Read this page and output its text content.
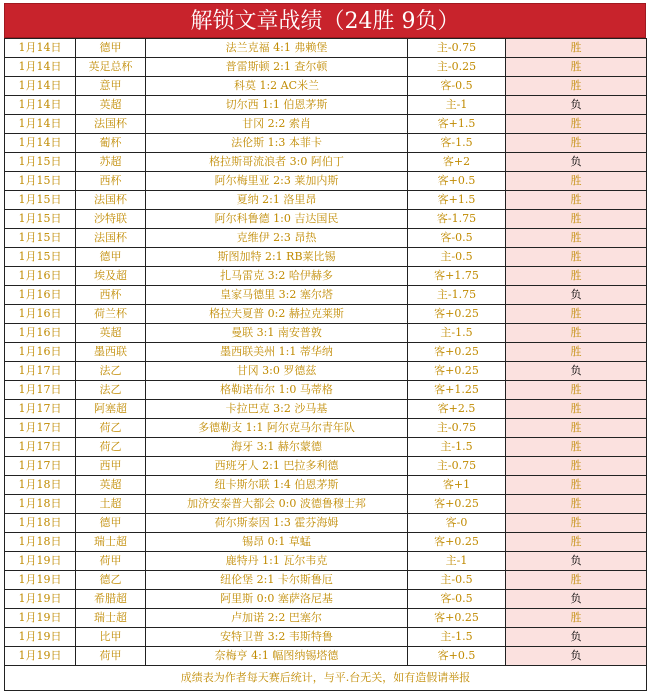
解锁文章战绩（24胜 9负）
1月14日	德甲	法兰克福 4:1 弗赖堡	主-0.75	胜
1月14日	英足总杯	普雷斯顿 2:1 查尔顿	主-0.25	胜
1月14日	意甲	科莫 1:2 AC米兰	客-0.5	胜
1月14日	英超	切尔西 1:1 伯恩茅斯	主-1	负
1月14日	法国杯	甘冈 2:2 索肖	客+1.5	胜
1月14日	葡杯	法伦斯 1:3 本菲卡	客-1.5	胜
1月15日	苏超	格拉斯哥流浪者 3:0 阿伯丁	客+2	负
1月15日	西杯	阿尔梅里亚 2:3 莱加内斯	客+0.5	胜
1月15日	法国杯	夏纳 2:1 洛里昂	客+1.5	胜
1月15日	沙特联	阿尔科鲁德 1:0 吉达国民	客-1.75	胜
1月15日	法国杯	克维伊 2:3 昂热	客-0.5	胜
1月15日	德甲	斯图加特 2:1 RB莱比锡	主-0.5	胜
1月16日	埃及超	扎马雷克 3:2 哈伊赫多	客+1.75	胜
1月16日	西杯	皇家马德里 3:2 塞尔塔	主-1.75	负
1月16日	荷兰杯	格拉夫夏普 0:2 赫拉克莱斯	客+0.25	胜
1月16日	英超	曼联 3:1 南安普敦	主-1.5	胜
1月16日	墨西联	墨西联美州 1:1 蒂华纳	客+0.25	胜
1月17日	法乙	甘冈 3:0 罗德兹	客+0.25	负
1月17日	法乙	格勒诺布尔 1:0 马蒂格	客+1.25	胜
1月17日	阿塞超	卡拉巴克 3:2 沙马基	客+2.5	胜
1月17日	荷乙	多德勒支 1:1 阿尔克马尔青年队	主-0.75	胜
1月17日	荷乙	海牙 3:1 赫尔蒙德	主-1.5	胜
1月17日	西甲	西班牙人 2:1 巴拉多利德	主-0.75	胜
1月18日	英超	纽卡斯尔联 1:4 伯恩茅斯	客+1	胜
1月18日	土超	加济安泰普大都会 0:0 波德鲁穆士邦	客+0.25	胜
1月18日	德甲	荷尔斯泰因 1:3 霍芬海姆	客-0	胜
1月18日	瑞士超	锡昂 0:1 草蜢	客+0.25	胜
1月19日	荷甲	鹿特丹 1:1 瓦尔韦克	主-1	负
1月19日	德乙	纽伦堡 2:1 卡尔斯鲁厄	主-0.5	胜
1月19日	希腊超	阿里斯 0:0 塞萨洛尼基	客-0.5	负
1月19日	瑞士超	卢加诺 2:2 巴塞尔	客+0.25	胜
1月19日	比甲	安特卫普 3:2 韦斯特鲁	主-1.5	负
1月19日	荷甲	奈梅亨 4:1 幅图纳锡塔德	客+0.5	负
成绩表为作者每天赛后统计，与平.台无关，如有造假请举报				
